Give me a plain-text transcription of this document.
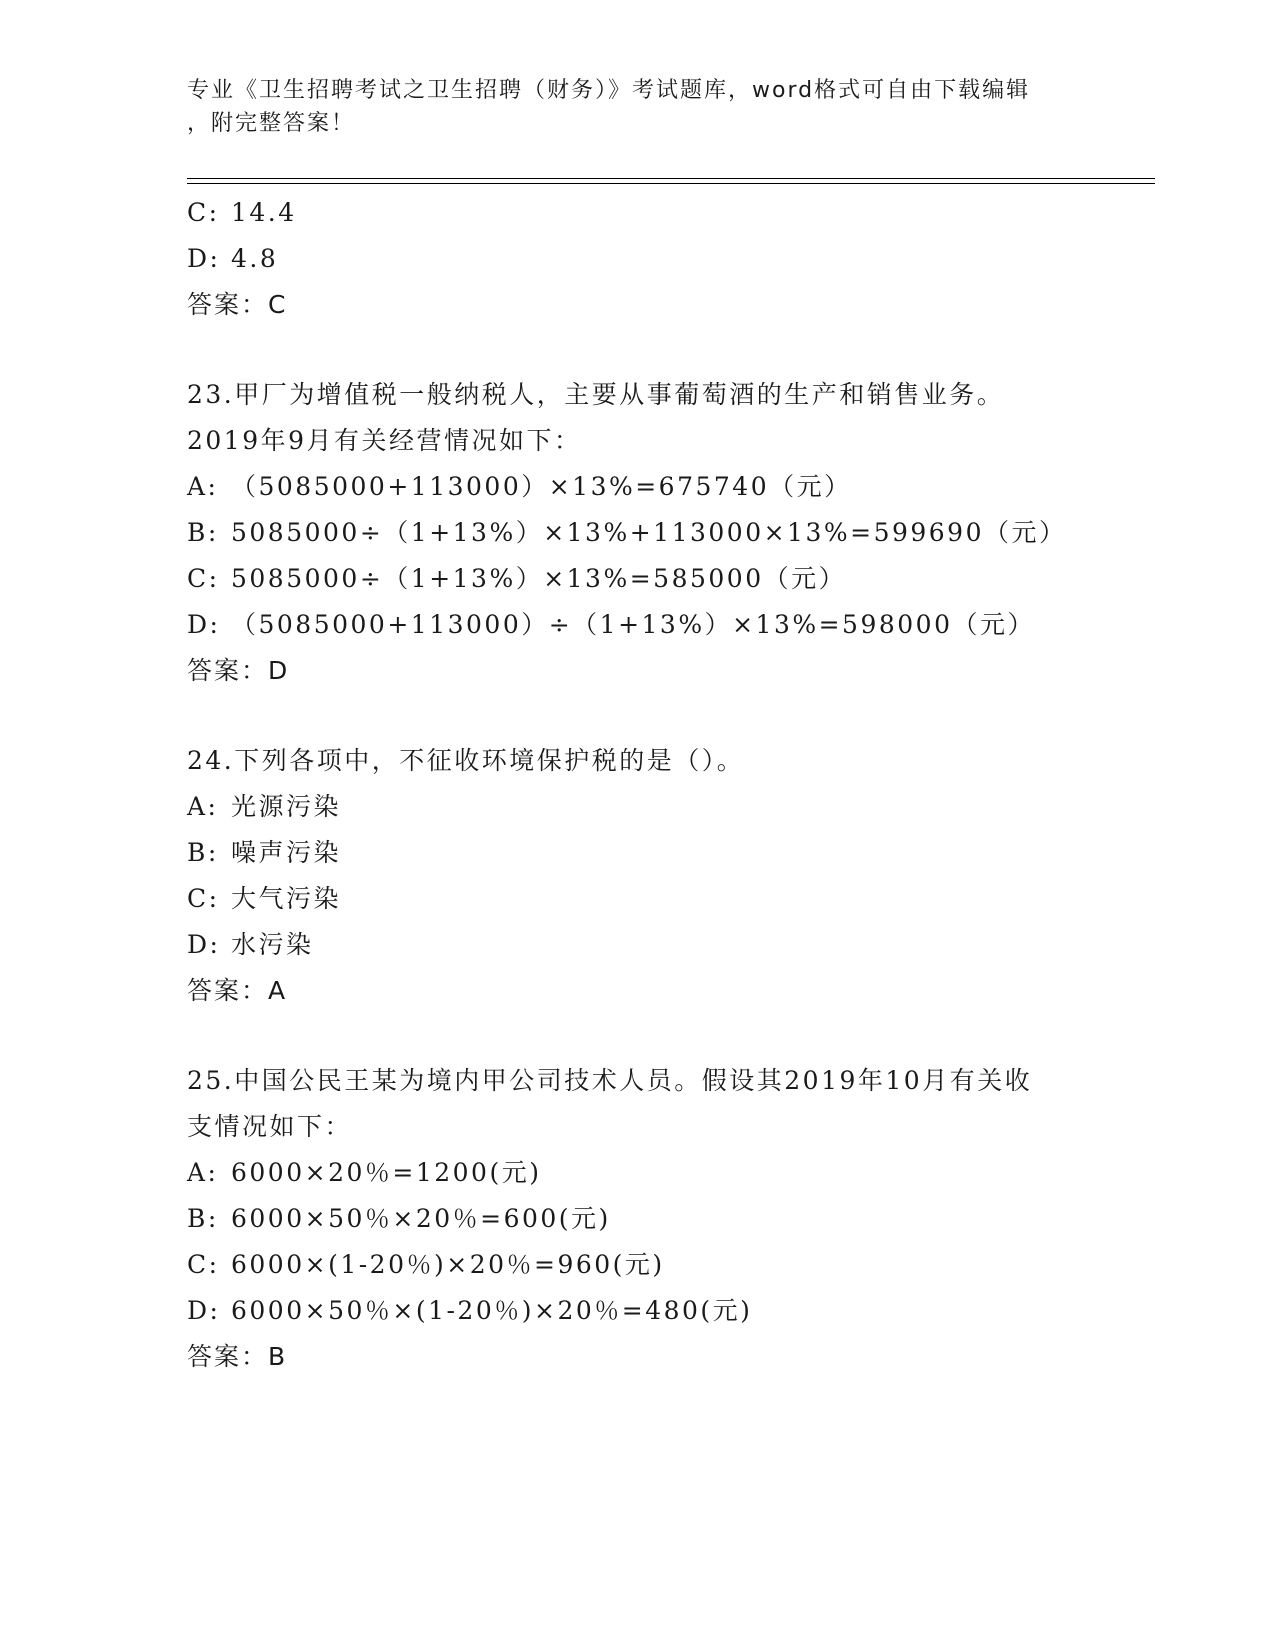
专业《卫生招聘考试之卫生招聘（财务）》考试题库，word格式可自由下载编辑

，附完整答案！

C: 14.4
D: 4.8
答案：C
23.甲厂为增值税一般纳税人，主要从事葡萄酒的生产和销售业务。
2019年9月有关经营情况如下：
A: （5085000+113000）×13%=675740（元）
B: 5085000÷（1+13%）×13%+113000×13%=599690（元）
C: 5085000÷（1+13%）×13%=585000（元）
D: （5085000+113000）÷（1+13%）×13%=598000（元）
答案：D
24.下列各项中，不征收环境保护税的是（）。
A: 光源污染
B: 噪声污染
C: 大气污染
D: 水污染
答案：A
25.中国公民王某为境内甲公司技术人员。假设其2019年10月有关收
支情况如下：
A: 6000×20％=1200(元)
B: 6000×50％×20％=600(元)
C: 6000×(1-20％)×20％=960(元)
D: 6000×50％×(1-20％)×20％=480(元)
答案：B
